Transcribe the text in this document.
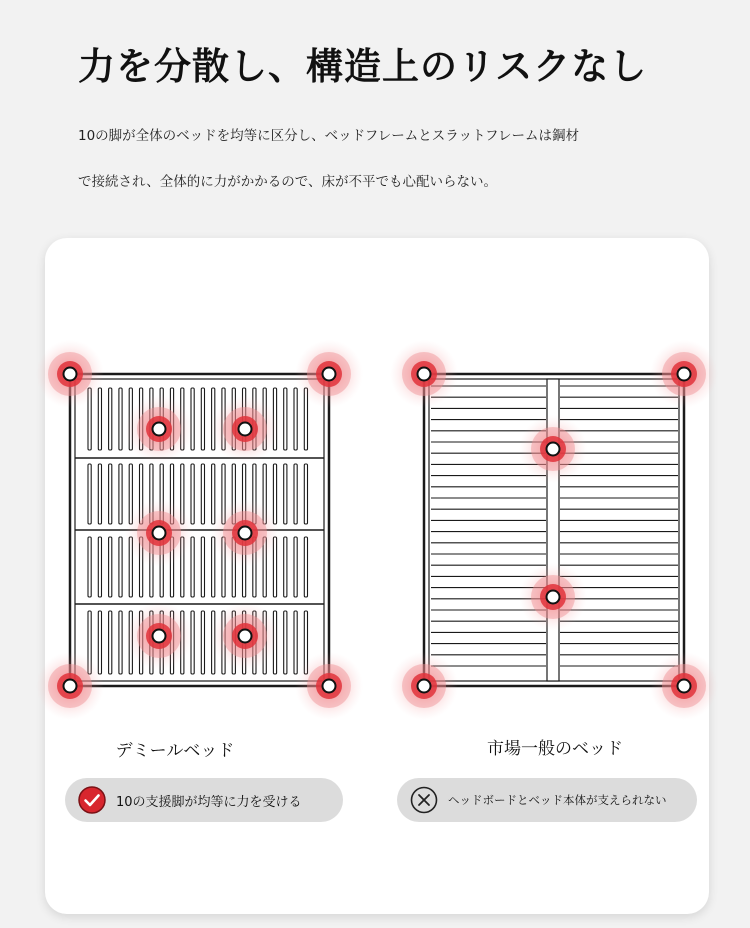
力を分散し、構造上のリスクなし
10の脚が全体のベッドを均等に区分し、ベッドフレームとスラットフレームは鋼材
で接続され、全体的に力がかかるので、床が不平でも心配いらない。
デミールベッド	市場一般のベッド
10の支援脚が均等に力を受ける	ヘッドボードとベッド本体が支えられない
